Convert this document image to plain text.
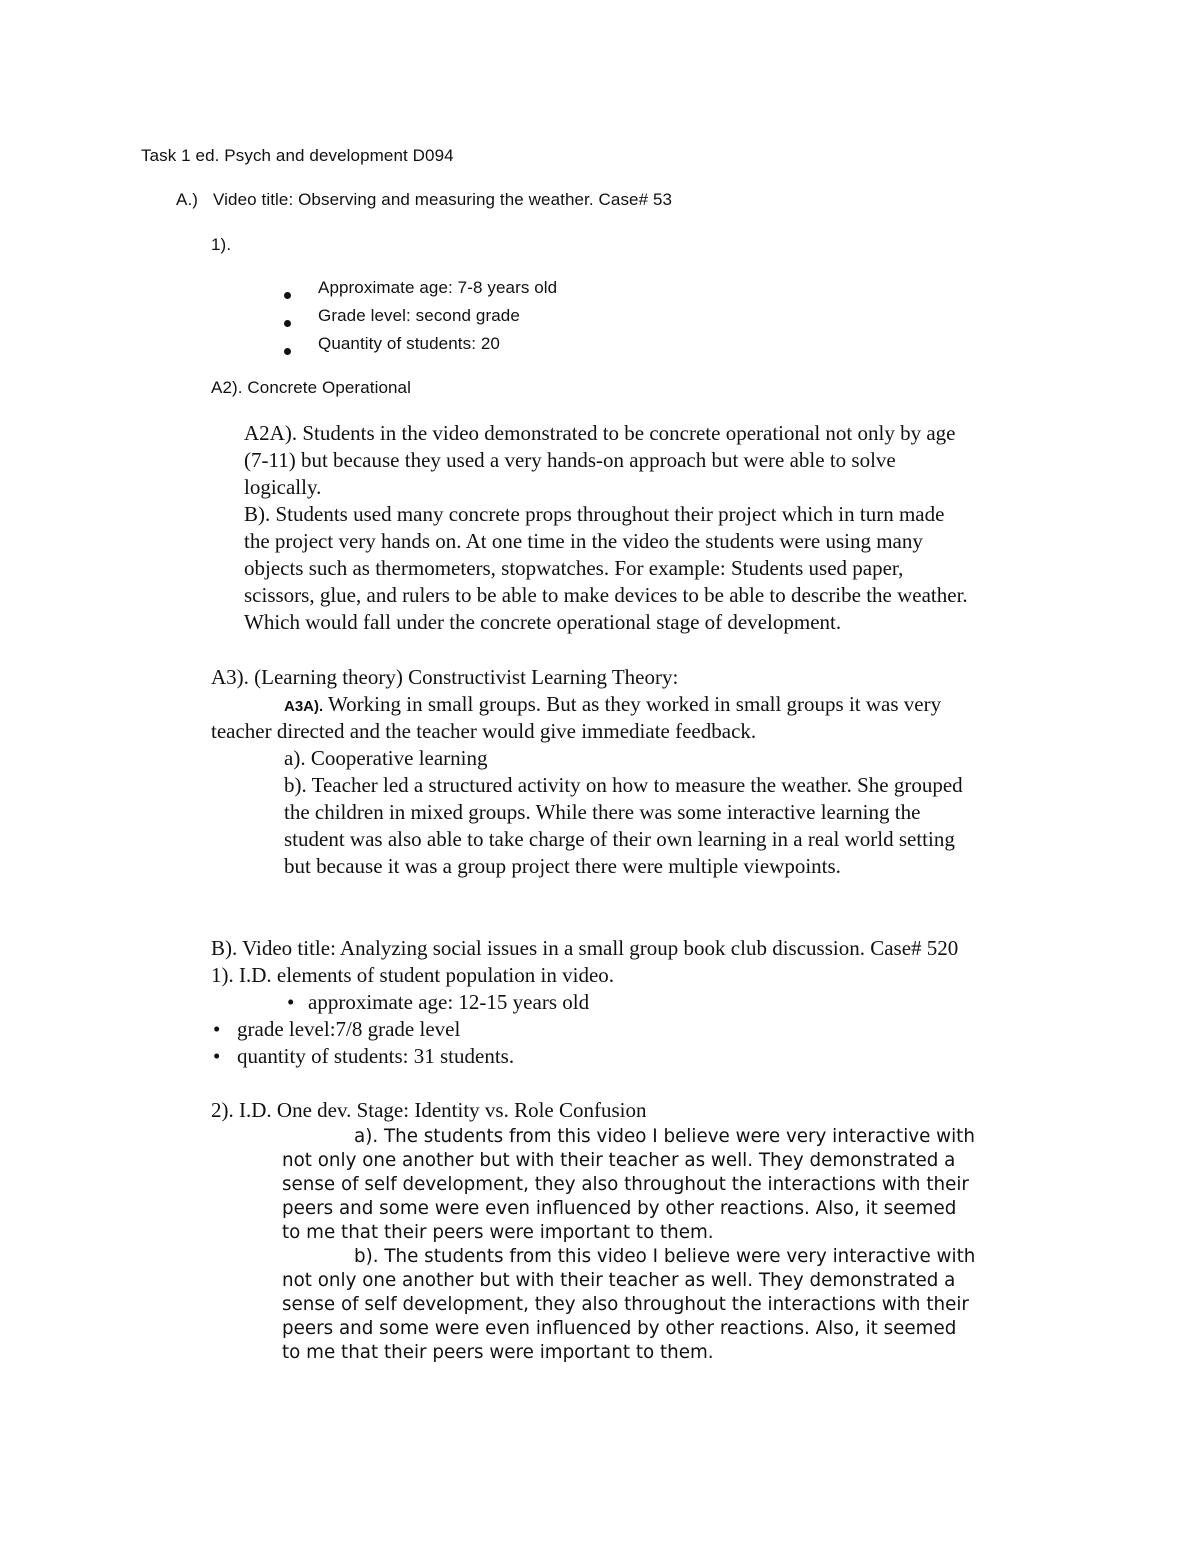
Task 1 ed. Psych and development D094
A.) Video title: Observing and measuring the weather. Case# 53
1).
Approximate age: 7-8 years old
Grade level: second grade
Quantity of students: 20
A2). Concrete Operational

A2A). Students in the video demonstrated to be concrete operational not only by age

(7-11) but because they used a very hands-on approach but were able to solve

logically.

B). Students used many concrete props throughout their project which in turn made

the project very hands on. At one time in the video the students were using many

objects such as thermometers, stopwatches. For example: Students used paper,

scissors, glue, and rulers to be able to make devices to be able to describe the weather.

Which would fall under the concrete operational stage of development.

A3). (Learning theory) Constructivist Learning Theory:
A3A). Working in small groups. But as they worked in small groups it was very
teacher directed and the teacher would give immediate feedback.
a). Cooperative learning

b). Teacher led a structured activity on how to measure the weather. She grouped

the children in mixed groups. While there was some interactive learning the

student was also able to take charge of their own learning in a real world setting

but because it was a group project there were multiple viewpoints.

B). Video title: Analyzing social issues in a small group book club discussion. Case# 520
1). I.D. elements of student population in video.
• approximate age: 12-15 years old
• grade level:7/8 grade level
• quantity of students: 31 students.
2). I.D. One dev. Stage: Identity vs. Role Confusion

a). The students from this video I believe were very interactive with

not only one another but with their teacher as well. They demonstrated a

sense of self development, they also throughout the interactions with their

peers and some were even influenced by other reactions. Also, it seemed

to me that their peers were important to them.

b). The students from this video I believe were very interactive with

not only one another but with their teacher as well. They demonstrated a

sense of self development, they also throughout the interactions with their

peers and some were even influenced by other reactions. Also, it seemed

to me that their peers were important to them.
